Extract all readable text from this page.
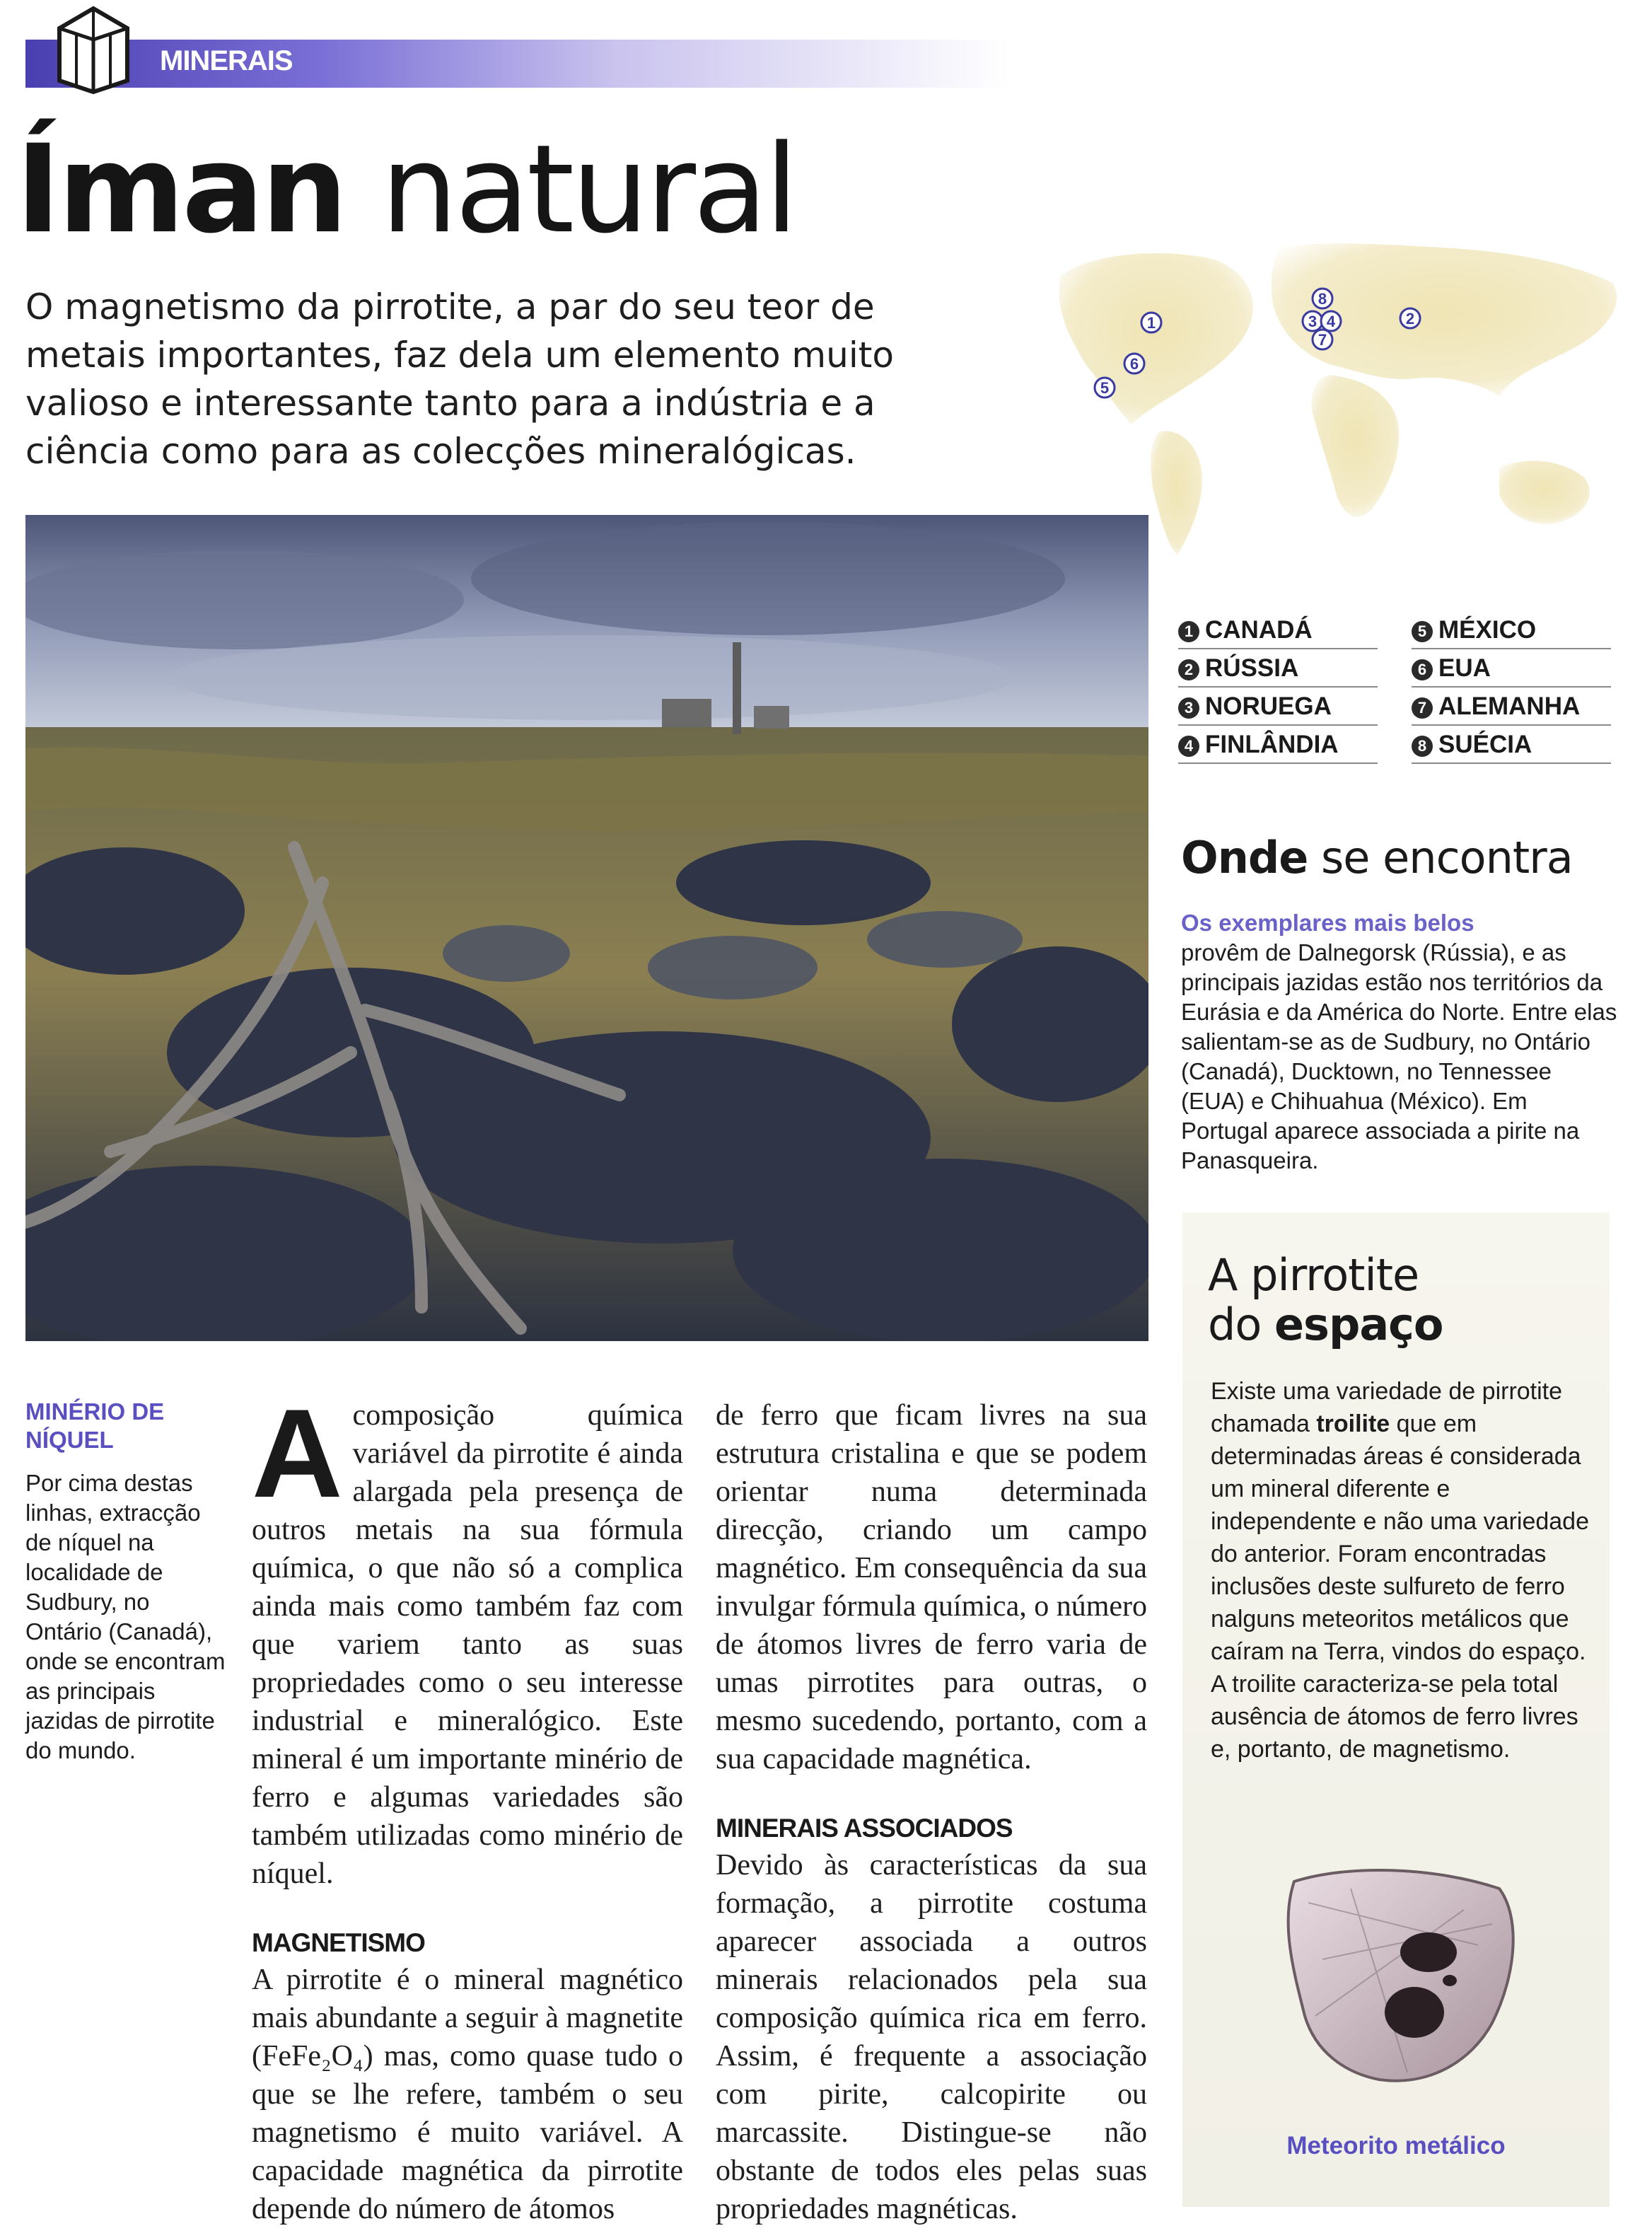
MINERAIS
Íman natural
O magnetismo da pirrotite, a par do seu teor de metais importantes, faz dela um elemento muito valioso e interessante tanto para a indústria e a ciência como para as colecções mineralógicas.
1	2
3 4
5
6
7
8
1 CANADÁ
2 RÚSSIA
3 NORUEGA
4 FINLÂNDIA
5 MÉXICO
6 EUA
7 ALEMANHA
8 SUÉCIA
Onde se encontra
Os exemplares mais belos
provêm de Dalnegorsk (Rússia), e as principais jazidas estão nos territórios da Eurásia e da América do Norte. Entre elas salientam-se as de Sudbury, no Ontário (Canadá), Ducktown, no Tennessee (EUA) e Chihuahua (México). Em Portugal aparece associada a pirite na Panasqueira.
MINÉRIO DE NÍQUEL
Por cima destas linhas, extracção de níquel na localidade de Sudbury, no Ontário (Canadá), onde se encontram as principais jazidas de pirrotite do mundo.
A composição química variável da pirrotite é ainda alargada pela presença de outros metais na sua fórmula química, o que não só a complica ainda mais como também faz com que variem tanto as suas propriedades como o seu interesse industrial e mineralógico. Este mineral é um importante minério de ferro e algumas variedades são também utilizadas como minério de níquel.
MAGNETISMO
A pirrotite é o mineral magnético mais abundante a seguir à magnetite (FeFe₂O₄) mas, como quase tudo o que se lhe refere, também o seu magnetismo é muito variável. A capacidade magnética da pirrotite depende do número de átomos
de ferro que ficam livres na sua estrutura cristalina e que se podem orientar numa determinada direcção, criando um campo magnético. Em consequência da sua invulgar fórmula química, o número de átomos livres de ferro varia de umas pirrotites para outras, o mesmo sucedendo, portanto, com a sua capacidade magnética.
MINERAIS ASSOCIADOS
Devido às características da sua formação, a pirrotite costuma aparecer associada a outros minerais relacionados pela sua composição química rica em ferro. Assim, é frequente a associação com pirite, calcopirite ou marcassite. Distingue-se não obstante de todos eles pelas suas propriedades magnéticas.
A pirrotite
do espaço
Existe uma variedade de pirrotite chamada troilite que em determinadas áreas é considerada um mineral diferente e independente e não uma variedade do anterior. Foram encontradas inclusões deste sulfureto de ferro nalguns meteoritos metálicos que caíram na Terra, vindos do espaço. A troilite caracteriza-se pela total ausência de átomos de ferro livres e, portanto, de magnetismo.
Meteorito metálico
